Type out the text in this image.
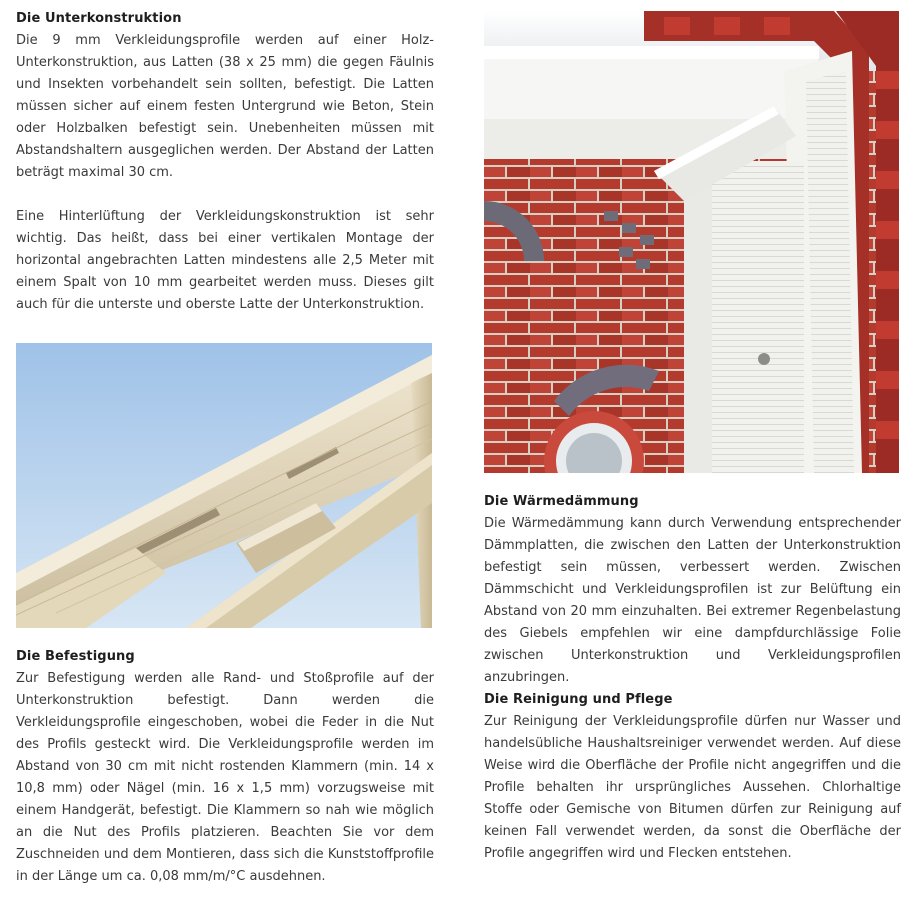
Die Unterkonstruktion

Die 9 mm Verkleidungsprofile werden auf einer Holz-Unterkonstruktion, aus Latten (38 x 25 mm) die gegen Fäulnis und Insekten vorbehandelt sein sollten, befestigt. Die Latten müssen sicher auf einem festen Untergrund wie Beton, Stein oder Holzbalken befestigt sein. Unebenheiten müssen mit Abstandshaltern ausgeglichen werden. Der Abstand der Latten beträgt maximal 30 cm.

Eine Hinterlüftung der Verkleidungskonstruktion ist sehr wichtig. Das heißt, dass bei einer vertikalen Montage der horizontal angebrachten Latten mindestens alle 2,5 Meter mit einem Spalt von 10 mm gearbeitet werden muss. Dieses gilt auch für die unterste und oberste Latte der Unterkonstruktion.

Die Befestigung

Zur Befestigung werden alle Rand- und Stoßprofile auf der Unterkonstruktion befestigt. Dann werden die Verkleidungsprofile eingeschoben, wobei die Feder in die Nut des Profils gesteckt wird. Die Verkleidungsprofile werden im Abstand von 30 cm mit nicht rostenden Klammern (min. 14 x 10,8 mm) oder Nägel (min. 16 x 1,5 mm) vorzugsweise mit einem Handgerät, befestigt. Die Klammern so nah wie möglich an die Nut des Profils platzieren. Beachten Sie vor dem Zuschneiden und dem Montieren, dass sich die Kunststoffprofile in der Länge um ca. 0,08 mm/m/°C ausdehnen.

Die Wärmedämmung

Die Wärmedämmung kann durch Verwendung entsprechender Dämmplatten, die zwischen den Latten der Unterkonstruktion befestigt sein müssen, verbessert werden. Zwischen Dämmschicht und Verkleidungsprofilen ist zur Belüftung ein Abstand von 20 mm einzuhalten. Bei extremer Regenbelastung des Giebels empfehlen wir eine dampfdurchlässige Folie zwischen Unterkonstruktion und Verkleidungsprofilen anzubringen.

Die Reinigung und Pflege

Zur Reinigung der Verkleidungsprofile dürfen nur Wasser und handelsübliche Haushaltsreiniger verwendet werden. Auf diese Weise wird die Oberfläche der Profile nicht angegriffen und die Profile behalten ihr ursprüngliches Aussehen. Chlorhaltige Stoffe oder Gemische von Bitumen dürfen zur Reinigung auf keinen Fall verwendet werden, da sonst die Oberfläche der Profile angegriffen wird und Flecken entstehen.
